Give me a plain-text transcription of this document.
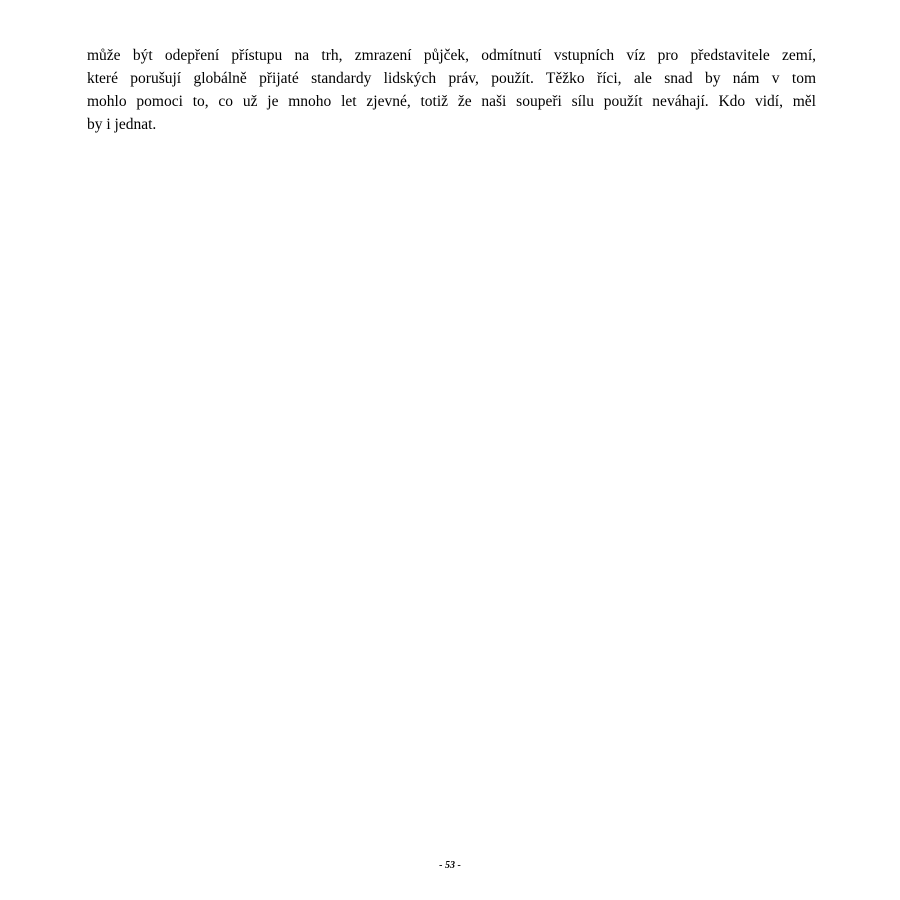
může být odepření přístupu na trh, zmrazení půjček, odmítnutí vstupních víz pro představitele zemí,
které porušují globálně přijaté standardy lidských práv, použít. Těžko říci, ale snad by nám v tom
mohlo pomoci to, co už je mnoho let zjevné, totiž že naši soupeři sílu použít neváhají. Kdo vidí, měl
by i jednat.

- 53 -
